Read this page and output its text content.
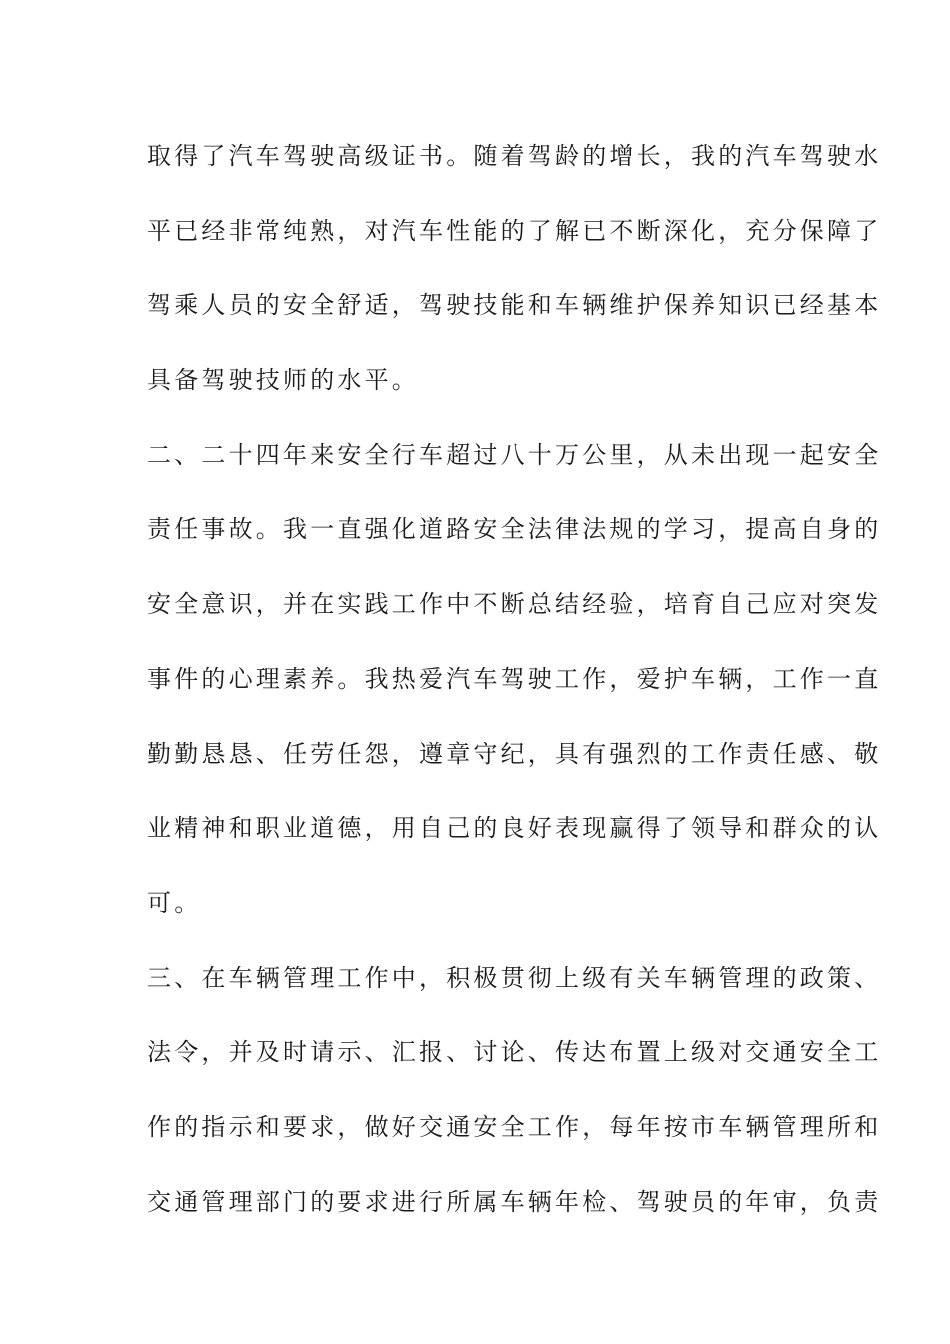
取得了汽车驾驶高级证书。随着驾龄的增长，我的汽车驾驶水
平已经非常纯熟，对汽车性能的了解已不断深化，充分保障了
驾乘人员的安全舒适，驾驶技能和车辆维护保养知识已经基本
具备驾驶技师的水平。
二、二十四年来安全行车超过八十万公里，从未出现一起安全
责任事故。我一直强化道路安全法律法规的学习，提高自身的
安全意识，并在实践工作中不断总结经验，培育自己应对突发
事件的心理素养。我热爱汽车驾驶工作，爱护车辆，工作一直
勤勤恳恳、任劳任怨，遵章守纪，具有强烈的工作责任感、敬
业精神和职业道德，用自己的良好表现赢得了领导和群众的认
可。
三、在车辆管理工作中，积极贯彻上级有关车辆管理的政策、
法令，并及时请示、汇报、讨论、传达布置上级对交通安全工
作的指示和要求，做好交通安全工作，每年按市车辆管理所和
交通管理部门的要求进行所属车辆年检、驾驶员的年审，负责
